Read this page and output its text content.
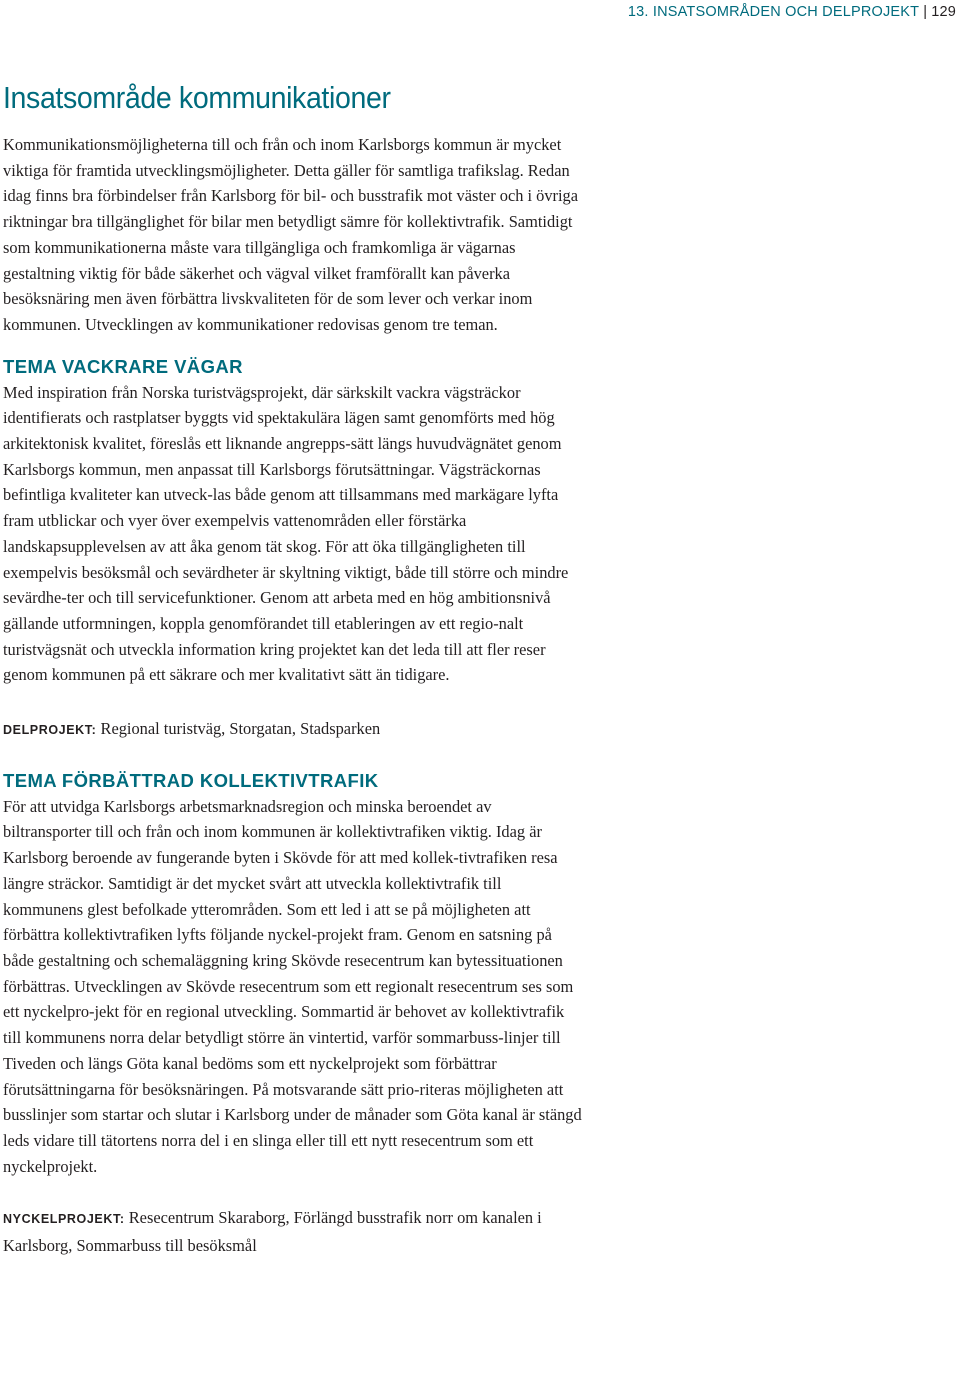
13. INSATSOMRÅDEN OCH DELPROJEKT | 129
Insatsområde kommunikationer

Kommunikationsmöjligheterna till och från och inom Karlsborgs kommun är mycket viktiga för framtida utvecklingsmöjligheter. Detta gäller för samtliga trafikslag. Redan idag finns bra förbindelser från Karlsborg för bil- och busstrafik mot väster och i övriga riktningar bra tillgänglighet för bilar men betydligt sämre för kollektivtrafik. Samtidigt som kommunikationerna måste vara tillgängliga och framkomliga är vägarnas gestaltning viktig för både säkerhet och vägval vilket framförallt kan påverka besöksnäring men även förbättra livskvaliteten för de som lever och verkar inom kommunen. Utvecklingen av kommunikationer redovisas genom tre teman.

TEMA VACKRARE VÄGAR

Med inspiration från Norska turistvägsprojekt, där särkskilt vackra vägsträckor identifierats och rastplatser byggts vid spektakulära lägen samt genomförts med hög arkitektonisk kvalitet, föreslås ett liknande angrepps-sätt längs huvudvägnätet genom Karlsborgs kommun, men anpassat till Karlsborgs förutsättningar. Vägsträckornas befintliga kvaliteter kan utveck-las både genom att tillsammans med markägare lyfta fram utblickar och vyer över exempelvis vattenområden eller förstärka landskapsupplevelsen av att åka genom tät skog. För att öka tillgängligheten till exempelvis besöksmål och sevärdheter är skyltning viktigt, både till större och mindre sevärdhe-ter och till servicefunktioner. Genom att arbeta med en hög ambitionsnivå gällande utformningen, koppla genomförandet till etableringen av ett regio-nalt turistvägsnät och utveckla information kring projektet kan det leda till att fler reser genom kommunen på ett säkrare och mer kvalitativt sätt än tidigare.

DELPROJEKT: Regional turistväg, Storgatan, Stadsparken

TEMA FÖRBÄTTRAD KOLLEKTIVTRAFIK

För att utvidga Karlsborgs arbetsmarknadsregion och minska beroendet av biltransporter till och från och inom kommunen är kollektivtrafiken viktig. Idag är Karlsborg beroende av fungerande byten i Skövde för att med kollek-tivtrafiken resa längre sträckor. Samtidigt är det mycket svårt att utveckla kollektivtrafik till kommunens glest befolkade ytterområden. Som ett led i att se på möjligheten att förbättra kollektivtrafiken lyfts följande nyckel-projekt fram. Genom en satsning på både gestaltning och schemaläggning kring Skövde resecentrum kan bytessituationen förbättras. Utvecklingen av Skövde resecentrum som ett regionalt resecentrum ses som ett nyckelpro-jekt för en regional utveckling. Sommartid är behovet av kollektivtrafik till kommunens norra delar betydligt större än vintertid, varför sommarbuss-linjer till Tiveden och längs Göta kanal bedöms som ett nyckelprojekt som förbättrar förutsättningarna för besöksnäringen. På motsvarande sätt prio-riteras möjligheten att busslinjer som startar och slutar i Karlsborg under de månader som Göta kanal är stängd leds vidare till tätortens norra del i en slinga eller till ett nytt resecentrum som ett nyckelprojekt.

NYCKELPROJEKT: Resecentrum Skaraborg, Förlängd busstrafik norr om kanalen i Karlsborg, Sommarbuss till besöksmål
